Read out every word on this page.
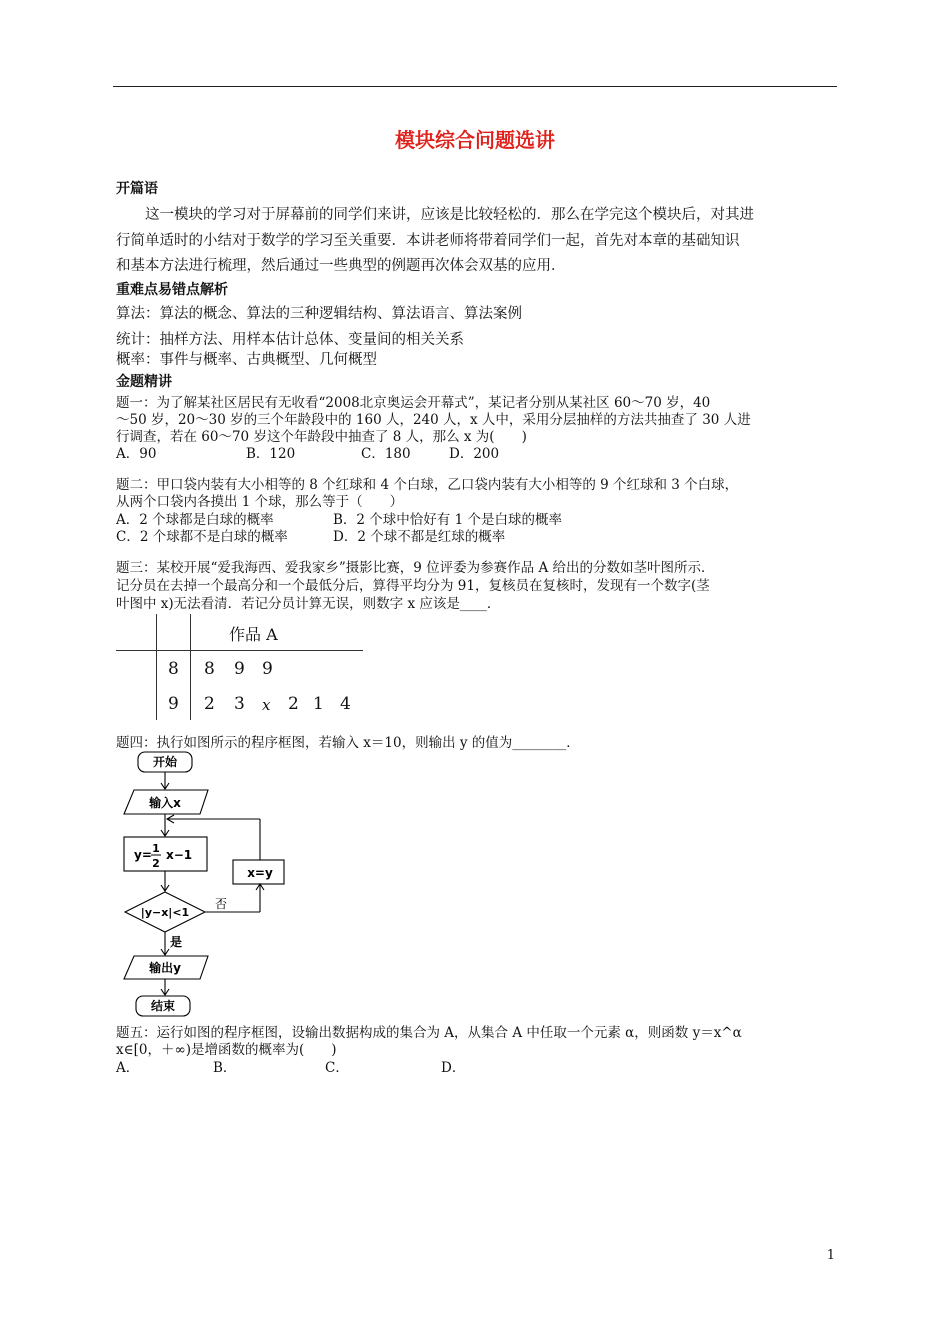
模块综合问题选讲
开篇语
这一模块的学习对于屏幕前的同学们来讲，应该是比较轻松的．那么在学完这个模块后，对其进
行简单适时的小结对于数学的学习至关重要．本讲老师将带着同学们一起，首先对本章的基础知识
和基本方法进行梳理，然后通过一些典型的例题再次体会双基的应用．
重难点易错点解析
算法：算法的概念、算法的三种逻辑结构、算法语言、算法案例
统计：抽样方法、用样本估计总体、变量间的相关关系
概率：事件与概率、古典概型、几何概型
金题精讲
题一：为了解某社区居民有无收看“2008北京奥运会开幕式”，某记者分别从某社区 60～70 岁，40
～50 岁，20～30 岁的三个年龄段中的 160 人，240 人，x 人中，采用分层抽样的方法共抽查了 30 人进
行调查，若在 60～70 岁这个年龄段中抽查了 8 人，那么 x 为(　　)
A．90	B．120	C．180	D．200
题二：甲口袋内装有大小相等的 8 个红球和 4 个白球，乙口袋内装有大小相等的 9 个红球和 3 个白球，
从两个口袋内各摸出 1 个球，那么等于（　　）
A．2 个球都是白球的概率	B．2 个球中恰好有 1 个是白球的概率
C．2 个球都不是白球的概率	D．2 个球不都是红球的概率
题三：某校开展“爱我海西、爱我家乡”摄影比赛，9 位评委为参赛作品 A 给出的分数如茎叶图所示．
记分员在去掉一个最高分和一个最低分后，算得平均分为 91，复核员在复核时，发现有一个数字(茎
叶图中 x)无法看清．若记分员计算无误，则数字 x 应该是____．
作品 A
8 8 9 9
9 2 3 x 2 1 4
题四：执行如图所示的程序框图，若输入 x＝10，则输出 y 的值为________．
开始
输入x
y= 1
2
x−1
|y−x|<1
x=y
否
是
输出y
结束
题五：运行如图的程序框图，设输出数据构成的集合为 A，从集合 A 中任取一个元素 α，则函数 y＝x^α
x∈[0，＋∞)是增函数的概率为(　　)
A．	B．	C．	D．
1
